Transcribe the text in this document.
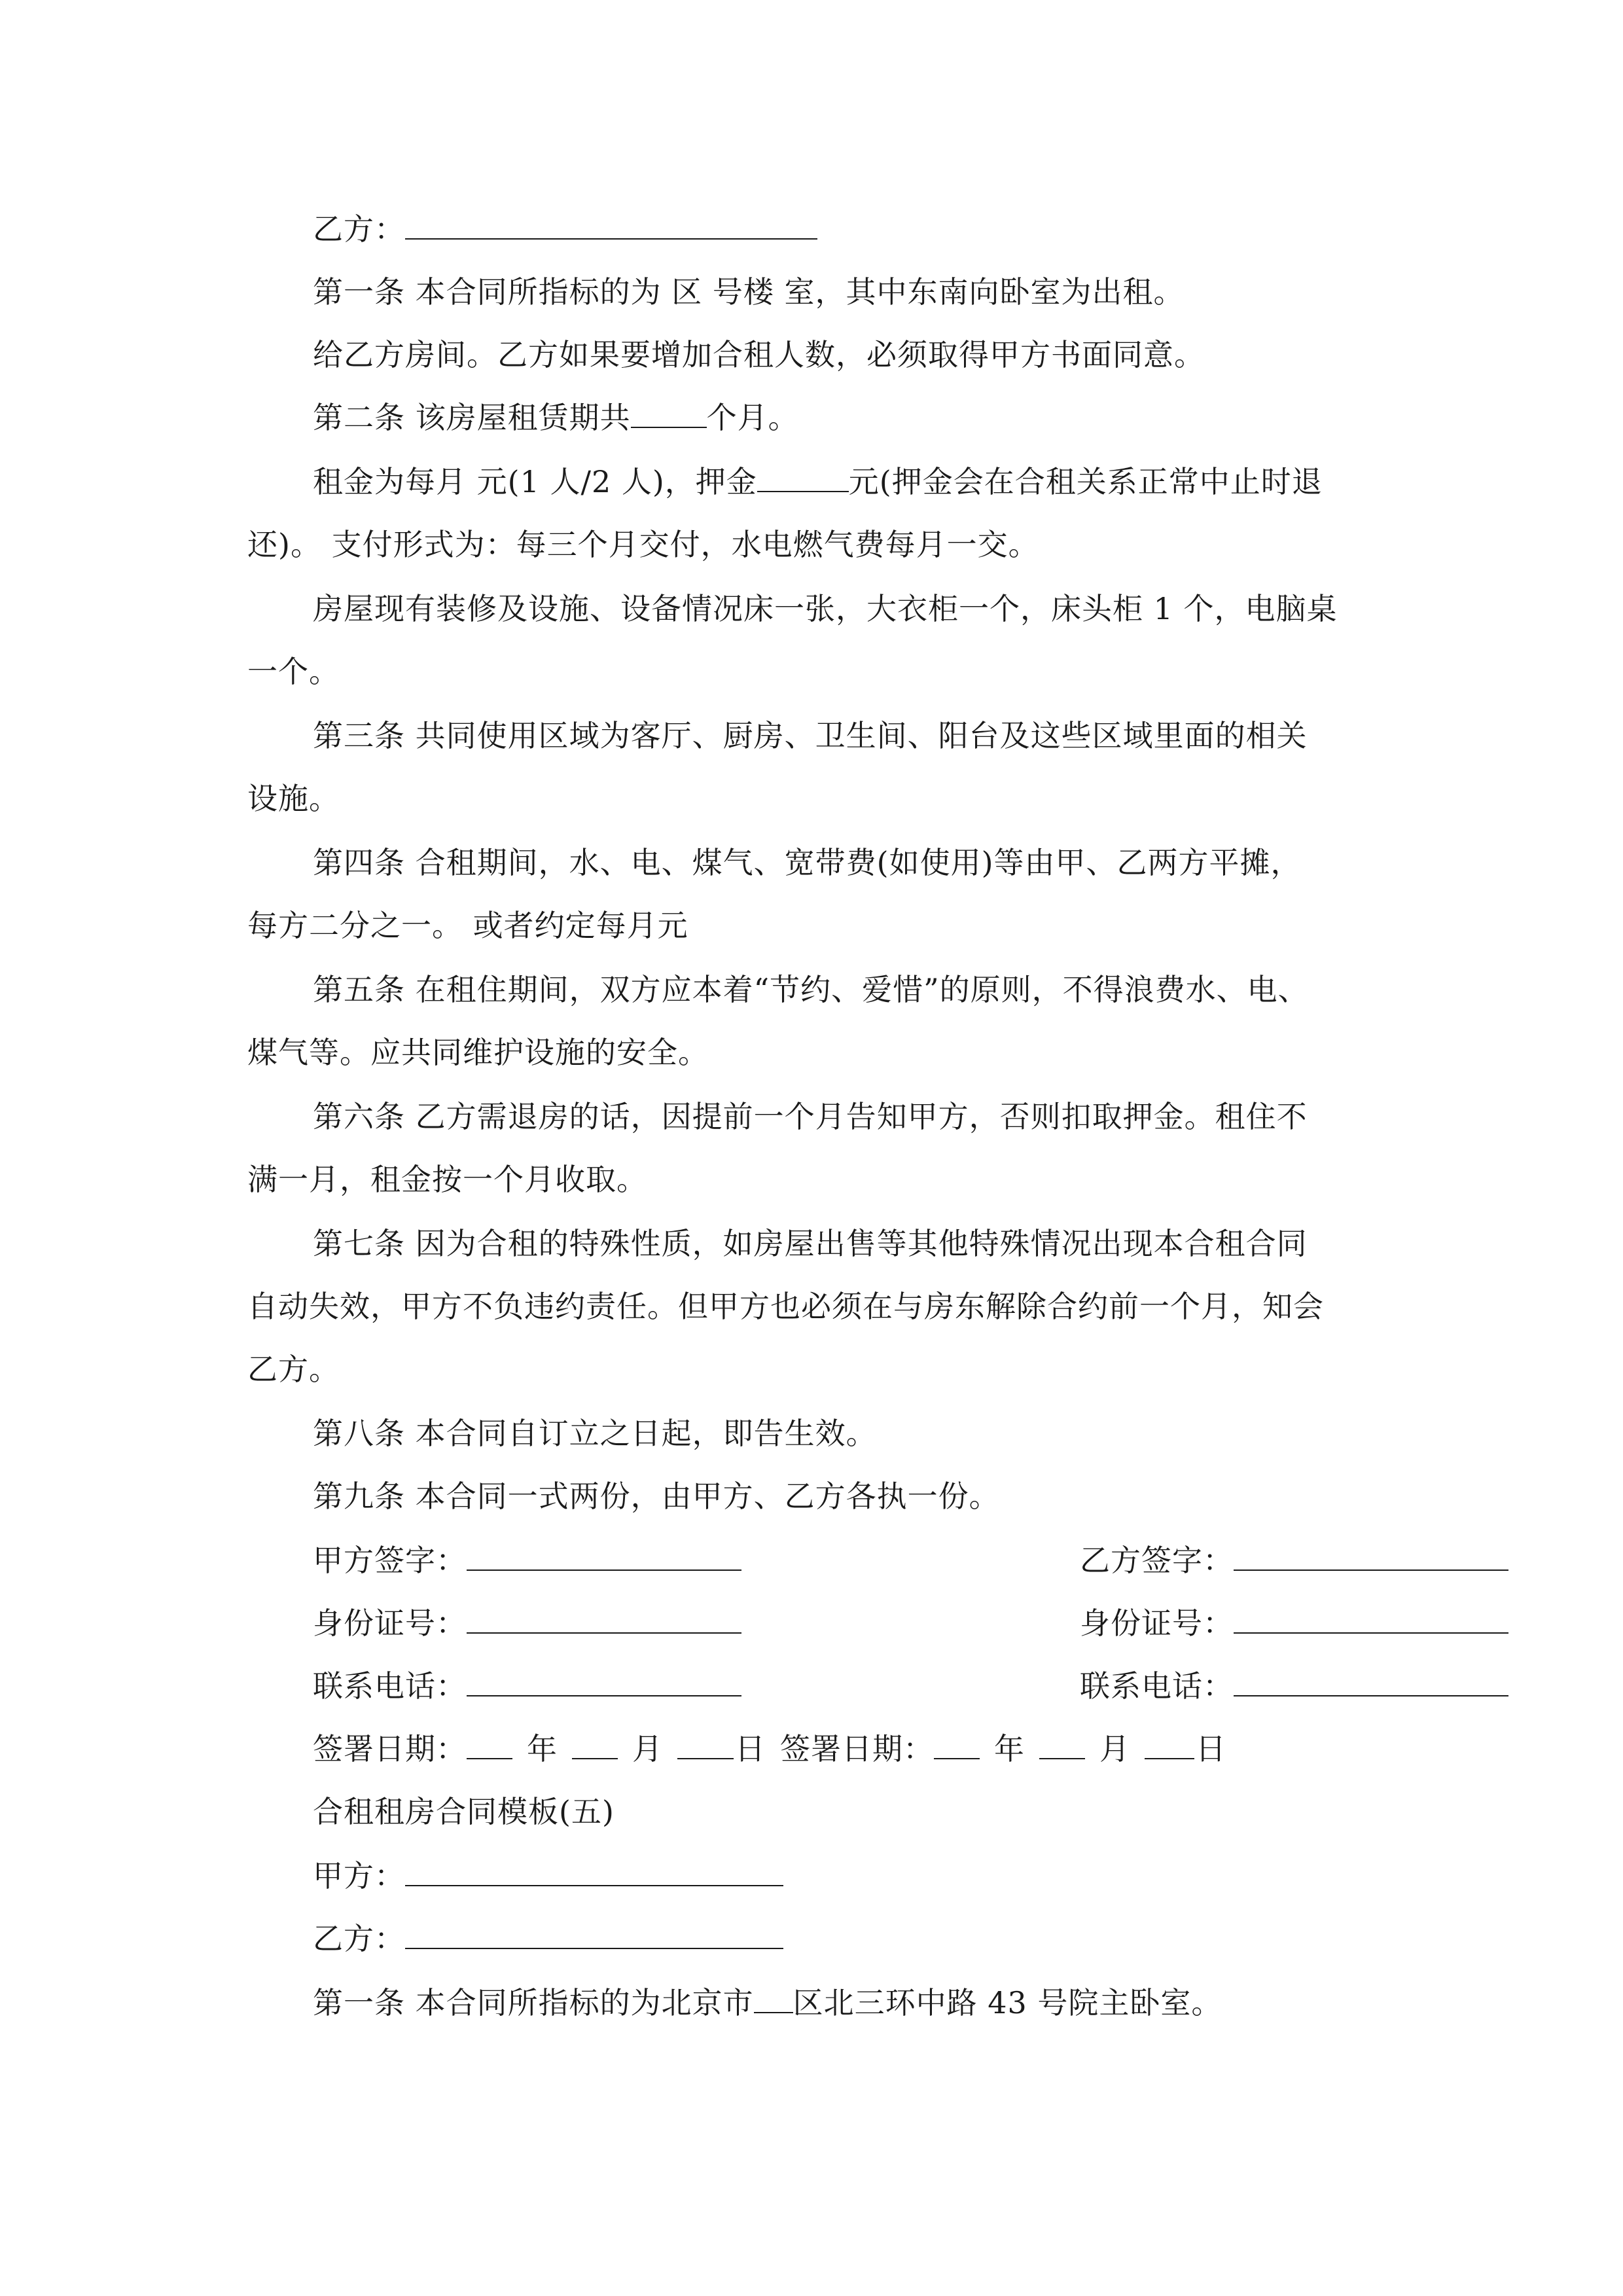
乙方：
第一条 本合同所指标的为 区 号楼 室，其中东南向卧室为出租。
给乙方房间。乙方如果要增加合租人数，必须取得甲方书面同意。
第二条 该房屋租赁期共	个月。
租金为每月 元(1 人/2 人)，押金	元(押金会在合租关系正常中止时退
还)。 支付形式为：每三个月交付，水电燃气费每月一交。
房屋现有装修及设施、设备情况床一张，大衣柜一个，床头柜 1 个，电脑桌
一个。
第三条 共同使用区域为客厅、厨房、卫生间、阳台及这些区域里面的相关
设施。
第四条 合租期间，水、电、煤气、宽带费(如使用)等由甲、乙两方平摊，
每方二分之一。 或者约定每月元
第五条 在租住期间，双方应本着“节约、爱惜”的原则，不得浪费水、电、
煤气等。应共同维护设施的安全。
第六条 乙方需退房的话，因提前一个月告知甲方，否则扣取押金。租住不
满一月，租金按一个月收取。
第七条 因为合租的特殊性质，如房屋出售等其他特殊情况出现本合租合同
自动失效，甲方不负违约责任。但甲方也必须在与房东解除合约前一个月，知会
乙方。
第八条 本合同自订立之日起，即告生效。
第九条 本合同一式两份，由甲方、乙方各执一份。
甲方签字：	乙方签字：
身份证号：	身份证号：
联系电话：	联系电话：
签署日期： 年 月 日 签署日期： 年 月 日
合租租房合同模板(五)
甲方：
乙方：
第一条 本合同所指标的为北京市 区北三环中路 43 号院主卧室。
